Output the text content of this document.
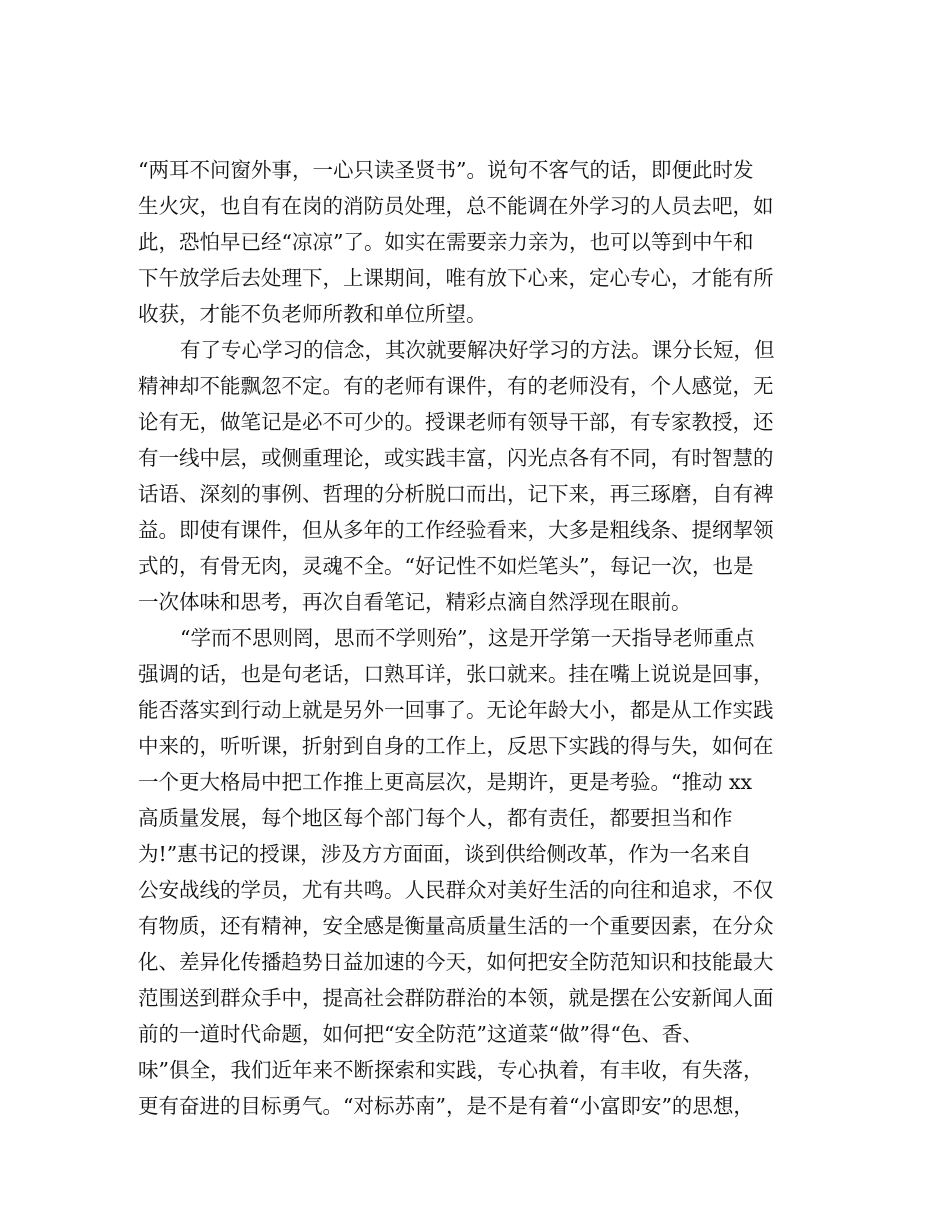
“两耳不问窗外事，一心只读圣贤书”。说句不客气的话，即便此时发
生火灾，也自有在岗的消防员处理，总不能调在外学习的人员去吧，如
此，恐怕早已经“凉凉”了。如实在需要亲力亲为，也可以等到中午和
下午放学后去处理下，上课期间，唯有放下心来，定心专心，才能有所
收获，才能不负老师所教和单位所望。
有了专心学习的信念，其次就要解决好学习的方法。课分长短，但
精神却不能飘忽不定。有的老师有课件，有的老师没有，个人感觉，无
论有无，做笔记是必不可少的。授课老师有领导干部，有专家教授，还
有一线中层，或侧重理论，或实践丰富，闪光点各有不同，有时智慧的
话语、深刻的事例、哲理的分析脱口而出，记下来，再三琢磨，自有裨
益。即使有课件，但从多年的工作经验看来，大多是粗线条、提纲挈领
式的，有骨无肉，灵魂不全。“好记性不如烂笔头”，每记一次，也是
一次体味和思考，再次自看笔记，精彩点滴自然浮现在眼前。
“学而不思则罔，思而不学则殆”，这是开学第一天指导老师重点
强调的话，也是句老话，口熟耳详，张口就来。挂在嘴上说说是回事，
能否落实到行动上就是另外一回事了。无论年龄大小，都是从工作实践
中来的，听听课，折射到自身的工作上，反思下实践的得与失，如何在
一个更大格局中把工作推上更高层次，是期许，更是考验。“推动 xx
高质量发展，每个地区每个部门每个人，都有责任，都要担当和作
为!”惠书记的授课，涉及方方面面，谈到供给侧改革，作为一名来自
公安战线的学员，尤有共鸣。人民群众对美好生活的向往和追求，不仅
有物质，还有精神，安全感是衡量高质量生活的一个重要因素，在分众
化、差异化传播趋势日益加速的今天，如何把安全防范知识和技能最大
范围送到群众手中，提高社会群防群治的本领，就是摆在公安新闻人面
前的一道时代命题，如何把“安全防范”这道菜“做”得“色、香、
味”俱全，我们近年来不断探索和实践，专心执着，有丰收，有失落，
更有奋进的目标勇气。“对标苏南”，是不是有着“小富即安”的思想，
